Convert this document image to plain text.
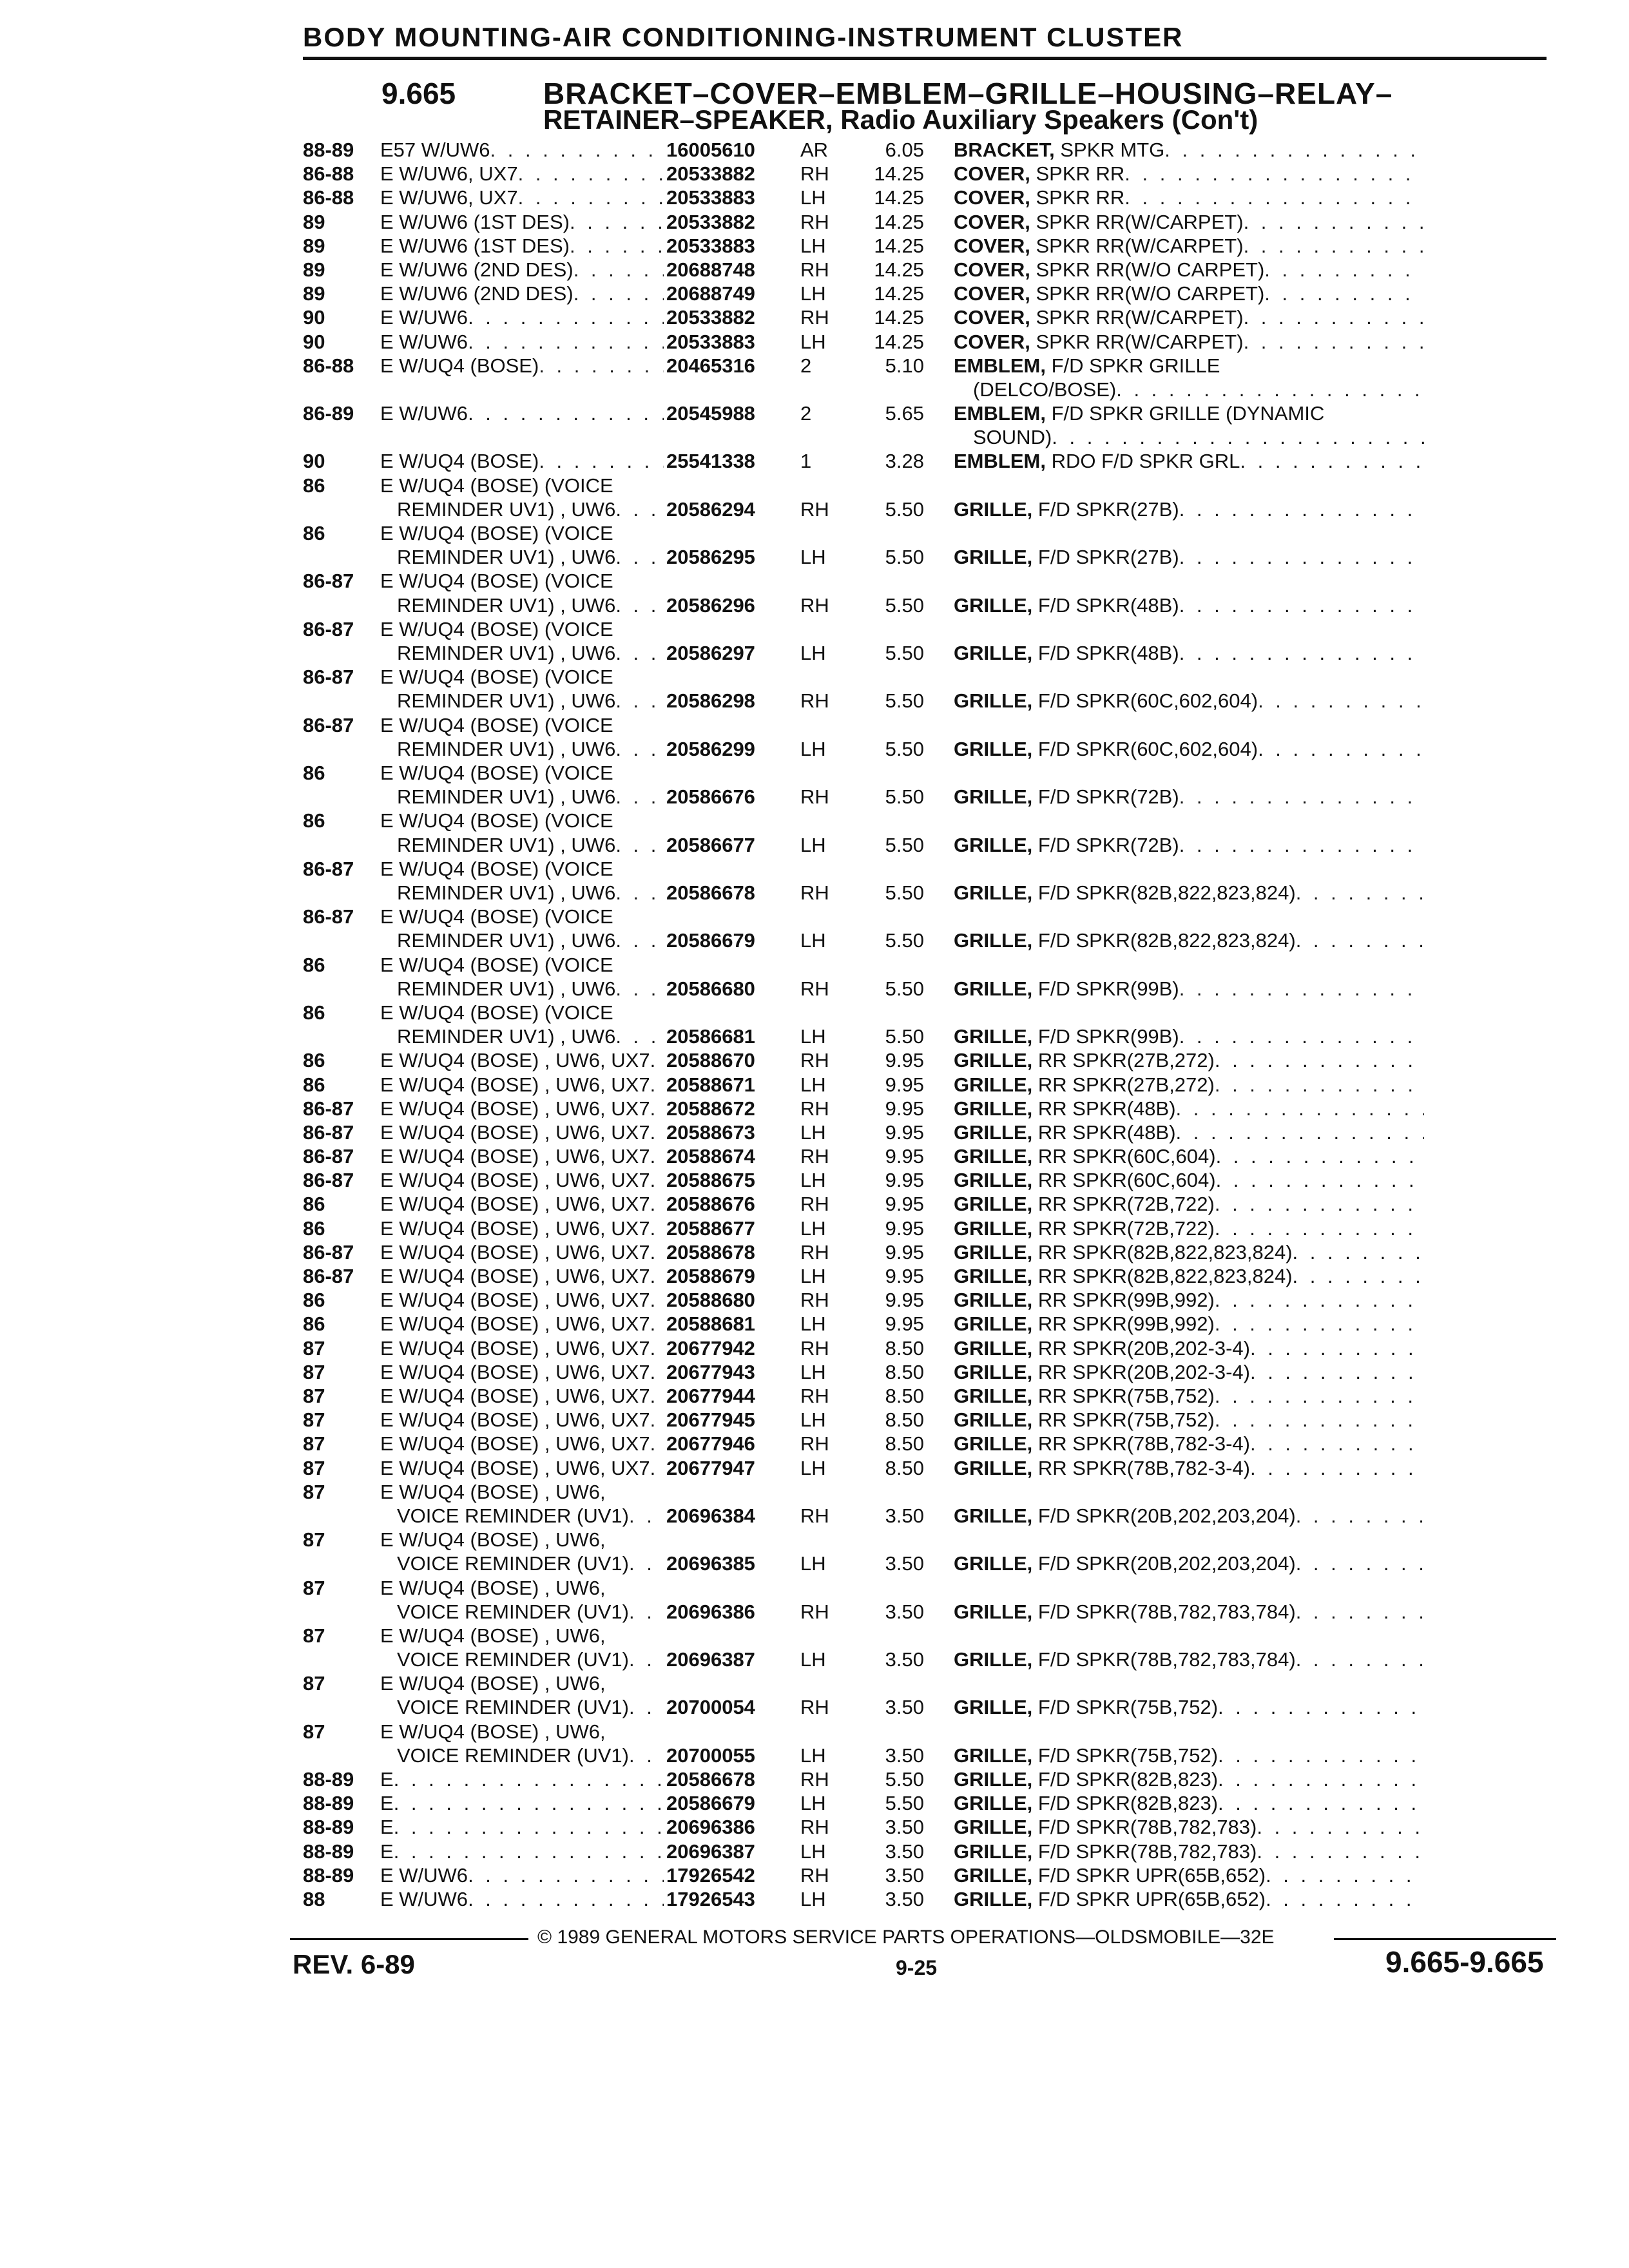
BODY MOUNTING-AIR CONDITIONING-INSTRUMENT CLUSTER
9.665	BRACKET–COVER–EMBLEM–GRILLE–HOUSING–RELAY–
RETAINER–SPEAKER, Radio Auxiliary Speakers (Con't)
88-89	E57 W/UW6 . . .	16005610	AR	6.05	BRACKET, SPKR MTG
. . .
86-88	E W/UW6, UX7 . . .	20533882	RH	14.25	COVER, SPKR RR
. . .
86-88	E W/UW6, UX7 . . .	20533883	LH	14.25	COVER, SPKR RR
. . .
89	E W/UW6 (1ST DES) . . .	20533882	RH	14.25	COVER, SPKR RR(W/CARPET)
. . .
89	E W/UW6 (1ST DES) . . .	20533883	LH	14.25	COVER, SPKR RR(W/CARPET)
. . .
89	E W/UW6 (2ND DES) . . .	20688748	RH	14.25	COVER, SPKR RR(W/O CARPET)
. . .
89	E W/UW6 (2ND DES) . . .	20688749	LH	14.25	COVER, SPKR RR(W/O CARPET)
. . .
90	E W/UW6 . . .	20533882	RH	14.25	COVER, SPKR RR(W/CARPET)
. . .
90	E W/UW6 . . .	20533883	LH	14.25	COVER, SPKR RR(W/CARPET)
. . .
86-88	E W/UQ4 (BOSE) . . .	20465316	2	5.10	EMBLEM, F/D SPKR GRILLE
(DELCO/BOSE)
. . .
86-89	E W/UW6 . . .	20545988	2	5.65	EMBLEM, F/D SPKR GRILLE (DYNAMIC
SOUND)
. . .
90	E W/UQ4 (BOSE) . . .	25541338	1	3.28	EMBLEM, RDO F/D SPKR GRL
. . .
86	E W/UQ4 (BOSE) (VOICE
REMINDER UV1) , UW6 . . .	20586294	RH	5.50	GRILLE, F/D SPKR(27B)
. . .
86	E W/UQ4 (BOSE) (VOICE
REMINDER UV1) , UW6 . . .	20586295	LH	5.50	GRILLE, F/D SPKR(27B)
. . .
86-87	E W/UQ4 (BOSE) (VOICE
REMINDER UV1) , UW6 . . .	20586296	RH	5.50	GRILLE, F/D SPKR(48B)
. . .
86-87	E W/UQ4 (BOSE) (VOICE
REMINDER UV1) , UW6 . . .	20586297	LH	5.50	GRILLE, F/D SPKR(48B)
. . .
86-87	E W/UQ4 (BOSE) (VOICE
REMINDER UV1) , UW6 . . .	20586298	RH	5.50	GRILLE, F/D SPKR(60C,602,604)
. . .
86-87	E W/UQ4 (BOSE) (VOICE
REMINDER UV1) , UW6 . . .	20586299	LH	5.50	GRILLE, F/D SPKR(60C,602,604)
. . .
86	E W/UQ4 (BOSE) (VOICE
REMINDER UV1) , UW6 . . .	20586676	RH	5.50	GRILLE, F/D SPKR(72B)
. . .
86	E W/UQ4 (BOSE) (VOICE
REMINDER UV1) , UW6 . . .	20586677	LH	5.50	GRILLE, F/D SPKR(72B)
. . .
86-87	E W/UQ4 (BOSE) (VOICE
REMINDER UV1) , UW6 . . .	20586678	RH	5.50	GRILLE, F/D SPKR(82B,822,823,824)
. . .
86-87	E W/UQ4 (BOSE) (VOICE
REMINDER UV1) , UW6 . . .	20586679	LH	5.50	GRILLE, F/D SPKR(82B,822,823,824)
. . .
86	E W/UQ4 (BOSE) (VOICE
REMINDER UV1) , UW6 . . .	20586680	RH	5.50	GRILLE, F/D SPKR(99B)
. . .
86	E W/UQ4 (BOSE) (VOICE
REMINDER UV1) , UW6 . . .	20586681	LH	5.50	GRILLE, F/D SPKR(99B)
. . .
86	E W/UQ4 (BOSE) , UW6, UX7 . . . 20588670	RH	9.95	GRILLE, RR SPKR(27B,272)
. . .
86	E W/UQ4 (BOSE) , UW6, UX7 . . . 20588671	LH	9.95	GRILLE, RR SPKR(27B,272)
. . .
86-87	E W/UQ4 (BOSE) , UW6, UX7 . . . 20588672	RH	9.95	GRILLE, RR SPKR(48B)
. . .
86-87	E W/UQ4 (BOSE) , UW6, UX7 . . . 20588673	LH	9.95	GRILLE, RR SPKR(48B)
. . .
86-87	E W/UQ4 (BOSE) , UW6, UX7 . . . 20588674	RH	9.95	GRILLE, RR SPKR(60C,604)
. . .
86-87	E W/UQ4 (BOSE) , UW6, UX7 . . . 20588675	LH	9.95	GRILLE, RR SPKR(60C,604)
. . .
86	E W/UQ4 (BOSE) , UW6, UX7 . . . 20588676	RH	9.95	GRILLE, RR SPKR(72B,722)
. . .
86	E W/UQ4 (BOSE) , UW6, UX7 . . . 20588677	LH	9.95	GRILLE, RR SPKR(72B,722)
. . .
86-87	E W/UQ4 (BOSE) , UW6, UX7 . . . 20588678	RH	9.95	GRILLE, RR SPKR(82B,822,823,824)
. . .
86-87	E W/UQ4 (BOSE) , UW6, UX7 . . . 20588679	LH	9.95	GRILLE, RR SPKR(82B,822,823,824)
. . .
86	E W/UQ4 (BOSE) , UW6, UX7 . . . 20588680	RH	9.95	GRILLE, RR SPKR(99B,992)
. . .
86	E W/UQ4 (BOSE) , UW6, UX7 . . . 20588681	LH	9.95	GRILLE, RR SPKR(99B,992)
. . .
87	E W/UQ4 (BOSE) , UW6, UX7 . . . 20677942	RH	8.50	GRILLE, RR SPKR(20B,202-3-4)
. . .
87	E W/UQ4 (BOSE) , UW6, UX7 . . . 20677943	LH	8.50	GRILLE, RR SPKR(20B,202-3-4)
. . .
87	E W/UQ4 (BOSE) , UW6, UX7 . . . 20677944	RH	8.50	GRILLE, RR SPKR(75B,752)
. . .
87	E W/UQ4 (BOSE) , UW6, UX7 . . . 20677945	LH	8.50	GRILLE, RR SPKR(75B,752)
. . .
87	E W/UQ4 (BOSE) , UW6, UX7 . . . 20677946	RH	8.50	GRILLE, RR SPKR(78B,782-3-4)
. . .
87	E W/UQ4 (BOSE) , UW6, UX7 . . . 20677947	LH	8.50	GRILLE, RR SPKR(78B,782-3-4)
. . .
87	E W/UQ4 (BOSE) , UW6,
VOICE REMINDER (UV1) . . . 20696384	RH	3.50	GRILLE, F/D SPKR(20B,202,203,204)
. . .
87	E W/UQ4 (BOSE) , UW6,
VOICE REMINDER (UV1) . . . 20696385	LH	3.50	GRILLE, F/D SPKR(20B,202,203,204)
. . .
87	E W/UQ4 (BOSE) , UW6,
VOICE REMINDER (UV1) . . . 20696386	RH	3.50	GRILLE, F/D SPKR(78B,782,783,784)
. . .
87	E W/UQ4 (BOSE) , UW6,
VOICE REMINDER (UV1) . . . 20696387	LH	3.50	GRILLE, F/D SPKR(78B,782,783,784)
. . .
87	E W/UQ4 (BOSE) , UW6,
VOICE REMINDER (UV1) . . . 20700054	RH	3.50	GRILLE, F/D SPKR(75B,752)
. . .
87	E W/UQ4 (BOSE) , UW6,
VOICE REMINDER (UV1) . . . 20700055	LH	3.50	GRILLE, F/D SPKR(75B,752)
. . .
88-89	E . . .	20586678	RH	5.50	GRILLE, F/D SPKR(82B,823)
. . .
88-89	E . . .	20586679	LH	5.50	GRILLE, F/D SPKR(82B,823)
. . .
88-89	E . . .	20696386	RH	3.50	GRILLE, F/D SPKR(78B,782,783)
. . .
88-89	E . . .	20696387	LH	3.50	GRILLE, F/D SPKR(78B,782,783)
. . .
88-89	E W/UW6 . . .	17926542	RH	3.50	GRILLE, F/D SPKR UPR(65B,652)
. . .
88	E W/UW6 . . .	17926543	LH	3.50	GRILLE, F/D SPKR UPR(65B,652)
. . .
© 1989 GENERAL MOTORS SERVICE PARTS OPERATIONS—OLDSMOBILE—32E
REV. 6-89	9-25	9.665-9.665
